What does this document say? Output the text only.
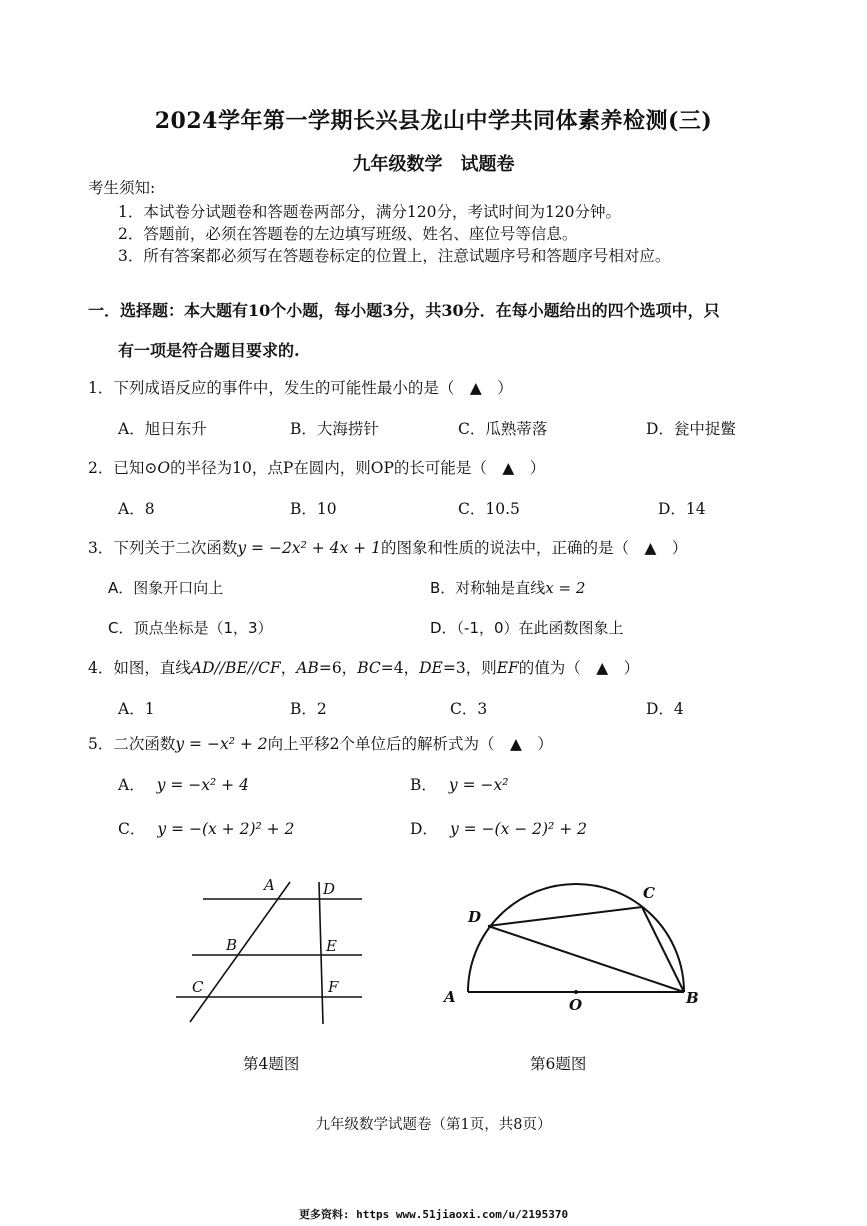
2024学年第一学期长兴县龙山中学共同体素养检测(三)
九年级数学　试题卷
考生须知:
1．本试卷分试题卷和答题卷两部分，满分120分，考试时间为120分钟。
2．答题前，必须在答题卷的左边填写班级、姓名、座位号等信息。
3．所有答案都必须写在答题卷标定的位置上，注意试题序号和答题序号相对应。
一．选择题：本大题有10个小题，每小题3分，共30分．在每小题给出的四个选项中，只
有一项是符合题目要求的.
1．下列成语反应的事件中，发生的可能性最小的是（　▲　）
A．旭日东升	B．大海捞针	C．瓜熟蒂落	D．瓮中捉鳖
2．已知⊙O的半径为10，点P在圆内，则OP的长可能是（　▲　）
A．8	B．10	C．10.5	D．14
3．下列关于二次函数y = −2x² + 4x + 1的图象和性质的说法中，正确的是（　▲　）
A．图象开口向上	B．对称轴是直线x = 2
C．顶点坐标是（1，3）	D．（-1，0）在此函数图象上
4．如图，直线AD//BE//CF，AB=6，BC=4，DE=3，则EF的值为（　▲　）
A．1	B．2	C．3	D．4
5．二次函数y = −x² + 2向上平移2个单位后的解析式为（　▲　）
A． y = −x² + 4	B． y = −x²
C． y = −(x + 2)² + 2	D． y = −(x − 2)² + 2
A	D
B	E
C	F
第4题图
D
C
A	O	B
第6题图
九年级数学试题卷（第1页，共8页）
更多资料: https www.51jiaoxi.com/u/2195370
